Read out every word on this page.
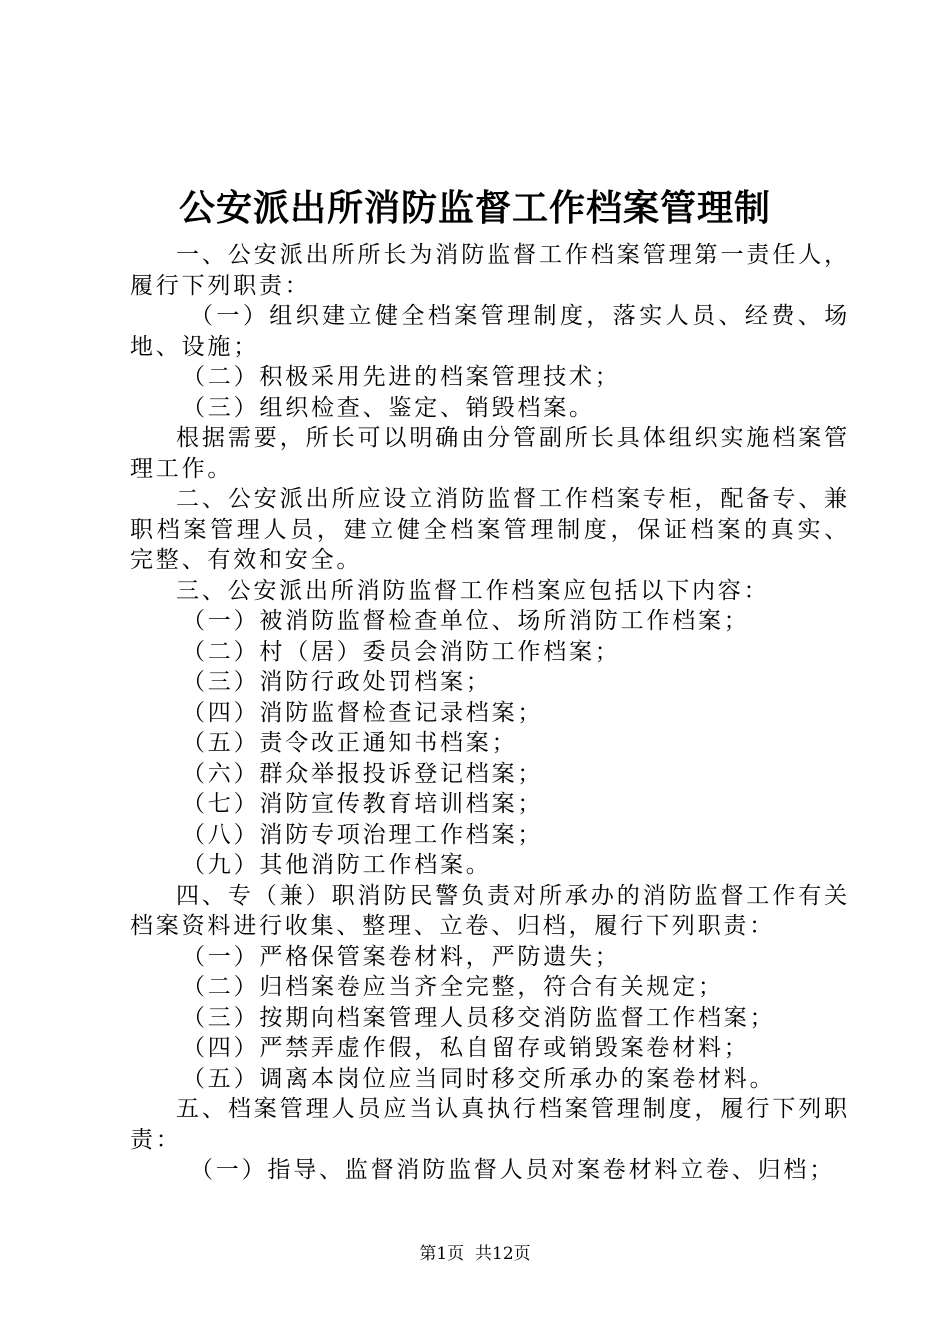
公安派出所消防监督工作档案管理制

一、公安派出所所长为消防监督工作档案管理第一责任人，履行下列职责：

（一）组织建立健全档案管理制度，落实人员、经费、场地、设施；

（二）积极采用先进的档案管理技术；

（三）组织检查、鉴定、销毁档案。

根据需要，所长可以明确由分管副所长具体组织实施档案管理工作。

二、公安派出所应设立消防监督工作档案专柜，配备专、兼职档案管理人员，建立健全档案管理制度，保证档案的真实、完整、有效和安全。

三、公安派出所消防监督工作档案应包括以下内容：

（一）被消防监督检查单位、场所消防工作档案；

（二）村（居）委员会消防工作档案；

（三）消防行政处罚档案；

（四）消防监督检查记录档案；

（五）责令改正通知书档案；

（六）群众举报投诉登记档案；

（七）消防宣传教育培训档案；

（八）消防专项治理工作档案；

（九）其他消防工作档案。

四、专（兼）职消防民警负责对所承办的消防监督工作有关档案资料进行收集、整理、立卷、归档，履行下列职责：

（一）严格保管案卷材料，严防遗失；

（二）归档案卷应当齐全完整，符合有关规定；

（三）按期向档案管理人员移交消防监督工作档案；

（四）严禁弄虚作假，私自留存或销毁案卷材料；

（五）调离本岗位应当同时移交所承办的案卷材料。

五、档案管理人员应当认真执行档案管理制度，履行下列职责：

（一）指导、监督消防监督人员对案卷材料立卷、归档；

第1页 共12页
